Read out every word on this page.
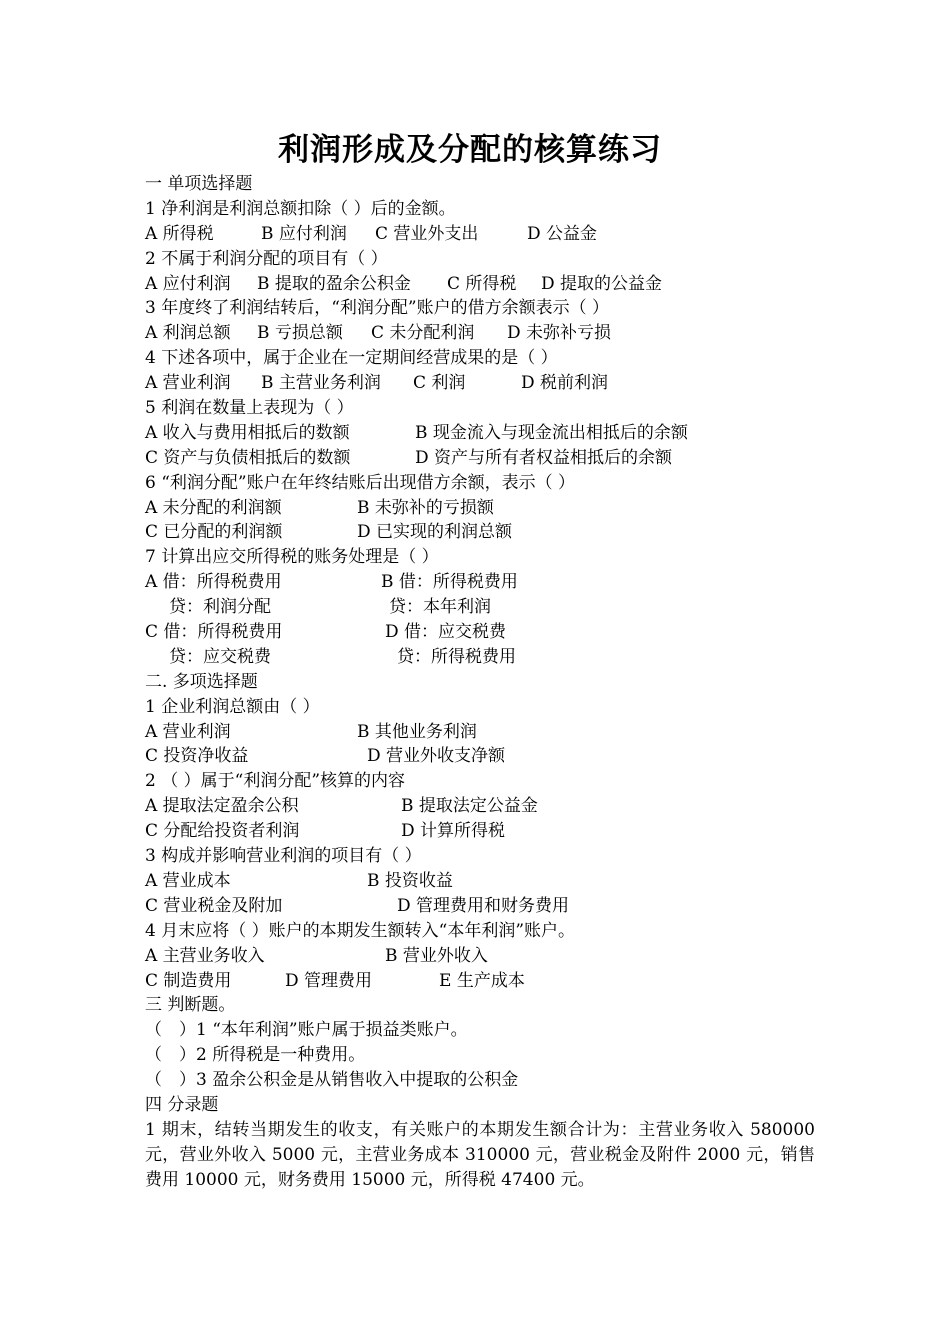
利润形成及分配的核算练习
一 单项选择题
1 净利润是利润总额扣除（ ）后的金额。

A 所得税

	B 应付利润

C 营业外支出

	D 公益金

2 不属于利润分配的项目有（ ）

A 应付利润

B 提取的盈余公积金

C 所得税

D 提取的公益金

3 年度终了利润结转后，“利润分配”账户的借方余额表示（ ）

A 利润总额

B 亏损总额

C 未分配利润

D 未弥补亏损

4 下述各项中，属于企业在一定期间经营成果的是（ ）

A 营业利润

B 主营业务利润

C 利润

	D 税前利润

5 利润在数量上表现为（ ）

A 收入与费用相抵后的数额

	B 现金流入与现金流出相抵后的余额

C 资产与负债相抵后的数额

	D 资产与所有者权益相抵后的余额

6 “利润分配”账户在年终结账后出现借方余额，表示（ ）

A 未分配的利润额

	B 未弥补的亏损额

C 已分配的利润额

	D 已实现的利润总额

7 计算出应交所得税的账务处理是（ ）

A 借：所得税费用

	B 借：所得税费用

贷：利润分配

	贷：本年利润

C 借：所得税费用

	D 借：应交税费

贷：应交税费

	贷：所得税费用

二. 多项选择题
1 企业利润总额由（ ）

A 营业利润

	B 其他业务利润

C 投资净收益

	D 营业外收支净额

2 （ ）属于“利润分配”核算的内容

A 提取法定盈余公积

	B 提取法定公益金

C 分配给投资者利润

	D 计算所得税

3 构成并影响营业利润的项目有（ ）

A 营业成本

	B 投资收益

C 营业税金及附加

	D 管理费用和财务费用

4 月末应将（ ）账户的本期发生额转入“本年利润”账户。

A 主营业务收入

	B 营业外收入

C 制造费用

	D 管理费用

	E 生产成本

三 判断题。
（　）1 “本年利润”账户属于损益类账户。
（　）2 所得税是一种费用。
（　）3 盈余公积金是从销售收入中提取的公积金
四 分录题
1 期末，结转当期发生的收支，有关账户的本期发生额合计为：主营业务收入 580000 元，营业外收入 5000 元，主营业务成本 310000 元，营业税金及附件 2000 元，销售费用 10000 元，财务费用 15000 元，所得税 47400 元。
